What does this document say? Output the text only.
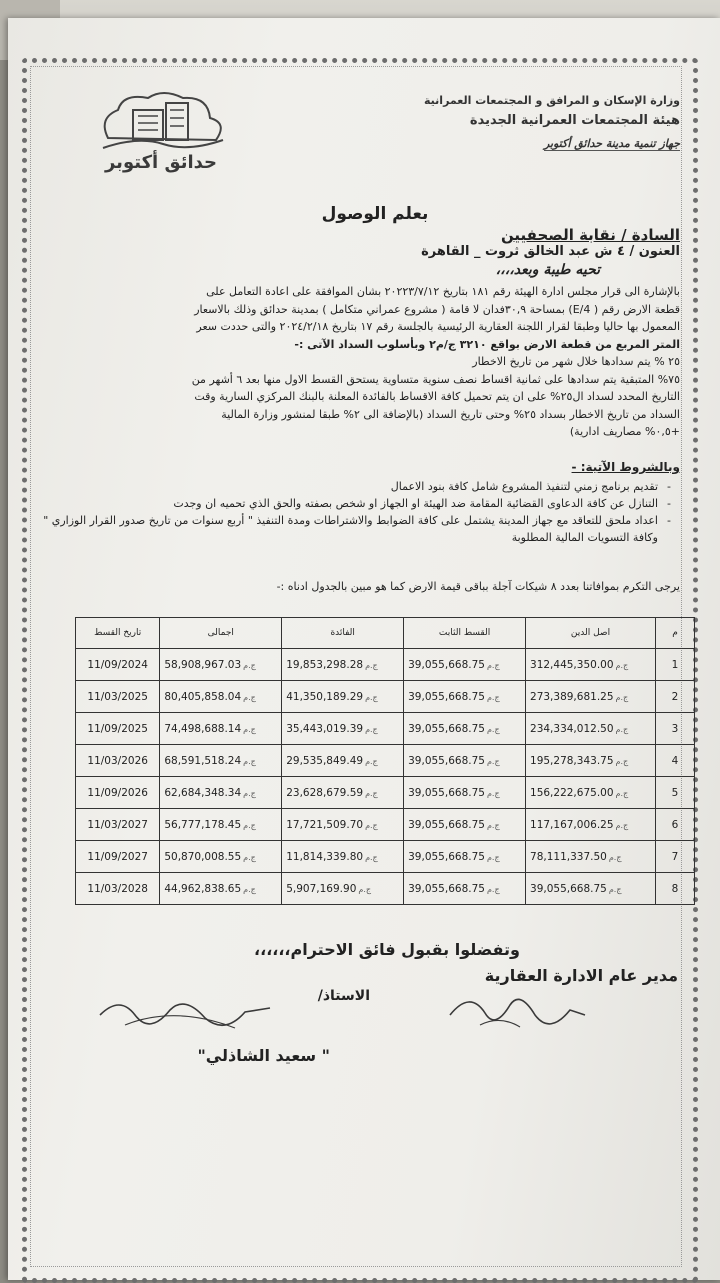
حدائق أكتوبر
وزارة الإسكان و المرافق و المجتمعات العمرانية
هيئة المجتمعات العمرانية الجديدة
جهاز تنمية مدينة حدائق أكتوبر
بعلم الوصول
السادة / نقابة الصحفيين
العنون / ٤ ش عبد الخالق ثروت _ القاهرة
تحيه طيبة وبعد،،،،
بالإشارة الى قرار مجلس ادارة الهيئة رقم ١٨١ بتاريخ ٢٠٢٢٣/٧/١٢ بشان الموافقة على اعادة التعامل على
قطعة الارض رقم ( E/4) بمساحة ٣٠,٩فدان لا قامة ( مشروع عمراني متكامل ) بمدينة حدائق وذلك بالاسعار
المعمول بها حاليا وطبقا لقرار اللجنة العقارية الرئيسية بالجلسة رقم ١٧ بتاريخ ٢٠٢٤/٢/١٨ والتى حددت سعر
المتر المربع من قطعة الارض بواقع ٣٢١٠ ج/م٢ وبأسلوب السداد الآتى :-
٢٥ % يتم سدادها خلال شهر من تاريخ الاخطار
٧٥% المتبقية يتم سدادها على ثمانية اقساط نصف سنوية متساوية يستحق القسط الاول منها بعد ٦ أشهر من
التاريخ المحدد لسداد ال٢٥% على ان يتم تحميل كافة الاقساط بالفائدة المعلنة بالبنك المركزي السارية وقت
السداد من تاريخ الاخطار بسداد ٢٥% وحتى تاريخ السداد (بالإضافة الى ٢% طبقا لمنشور وزارة المالية
+٠,٥% مصاريف ادارية)
وبالشروط الآتية: -
-
تقديم برنامج زمني لتنفيذ المشروع شامل كافة بنود الاعمال
-
التنازل عن كافة الدعاوى القضائية المقامة ضد الهيئة او الجهاز او شخص بصفته والحق الذي تحميه ان وجدت
-
اعداد ملحق للتعاقد مع جهاز المدينة يشتمل على كافة الضوابط والاشتراطات ومدة التنفيذ " أربع سنوات من تاريخ صدور القرار الوزاري " وكافة التسويات المالية المطلوبة
يرجى التكرم بموافاتنا بعدد ٨ شيكات آجلة بباقى قيمة الارض كما هو مبين بالجدول ادناه :-
م	اصل الدين	القسط الثابت	الفائدة	اجمالى	تاريخ القسط
1	ج.م312,445,350.00	ج.م39,055,668.75	ج.م19,853,298.28	ج.م58,908,967.03	11/09/2024
2	ج.م273,389,681.25	ج.م39,055,668.75	ج.م41,350,189.29	ج.م80,405,858.04	11/03/2025
3	ج.م234,334,012.50	ج.م39,055,668.75	ج.م35,443,019.39	ج.م74,498,688.14	11/09/2025
4	ج.م195,278,343.75	ج.م39,055,668.75	ج.م29,535,849.49	ج.م68,591,518.24	11/03/2026
5	ج.م156,222,675.00	ج.م39,055,668.75	ج.م23,628,679.59	ج.م62,684,348.34	11/09/2026
6	ج.م117,167,006.25	ج.م39,055,668.75	ج.م17,721,509.70	ج.م56,777,178.45	11/03/2027
7	ج.م78,111,337.50	ج.م39,055,668.75	ج.م11,814,339.80	ج.م50,870,008.55	11/09/2027
8	ج.م39,055,668.75	ج.م39,055,668.75	ج.م5,907,169.90	ج.م44,962,838.65	11/03/2028
وتفضلوا بقبول فائق الاحترام،،،،،،
مدير عام الادارة العقارية
الاستاذ/
" سعيد الشاذلي"
